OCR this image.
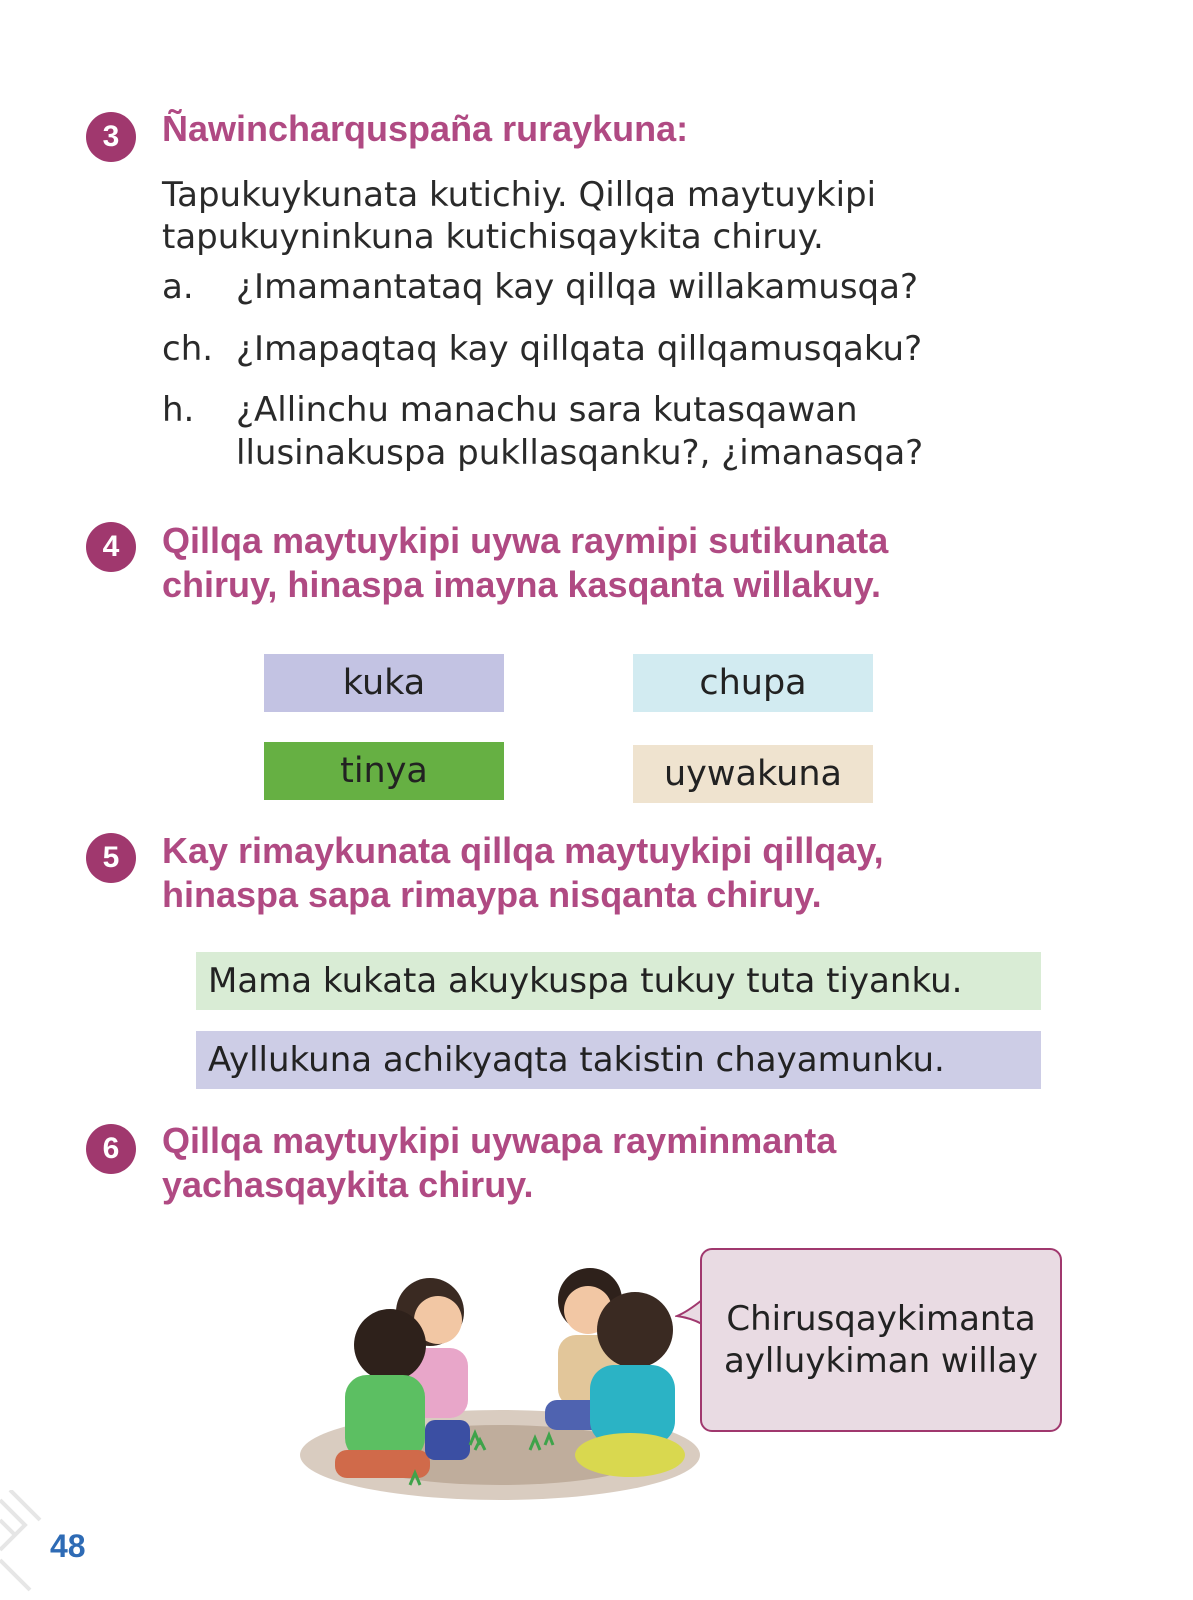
3	Ñawincharquspaña ruraykuna:

Tapukuykunata kutichiy. Qillqa maytuykipi

tapukuyninkuna kutichisqaykita chiruy.

a. ¿Imamantataq kay qillqa willakamusqa?
ch. ¿Imapaqtaq kay qillqata qillqamusqaku?
h. ¿Allinchu manachu sara kutasqawan
llusinakuspa pukllasqanku?, ¿imanasqa?
4	Qillqa maytuykipi uywa raymipi sutikunata
chiruy, hinaspa imayna kasqanta willakuy.
kuka	chupa
tinya	uywakuna
5	Kay rimaykunata qillqa maytuykipi qillqay,
hinaspa sapa rimaypa nisqanta chiruy.
Mama kukata akuykuspa tukuy tuta tiyanku.
Ayllukuna achikyaqta takistin chayamunku.
6	Qillqa maytuykipi uywapa rayminmanta
yachasqaykita chiruy.
Chirusqaykimanta
aylluykiman willay
48
